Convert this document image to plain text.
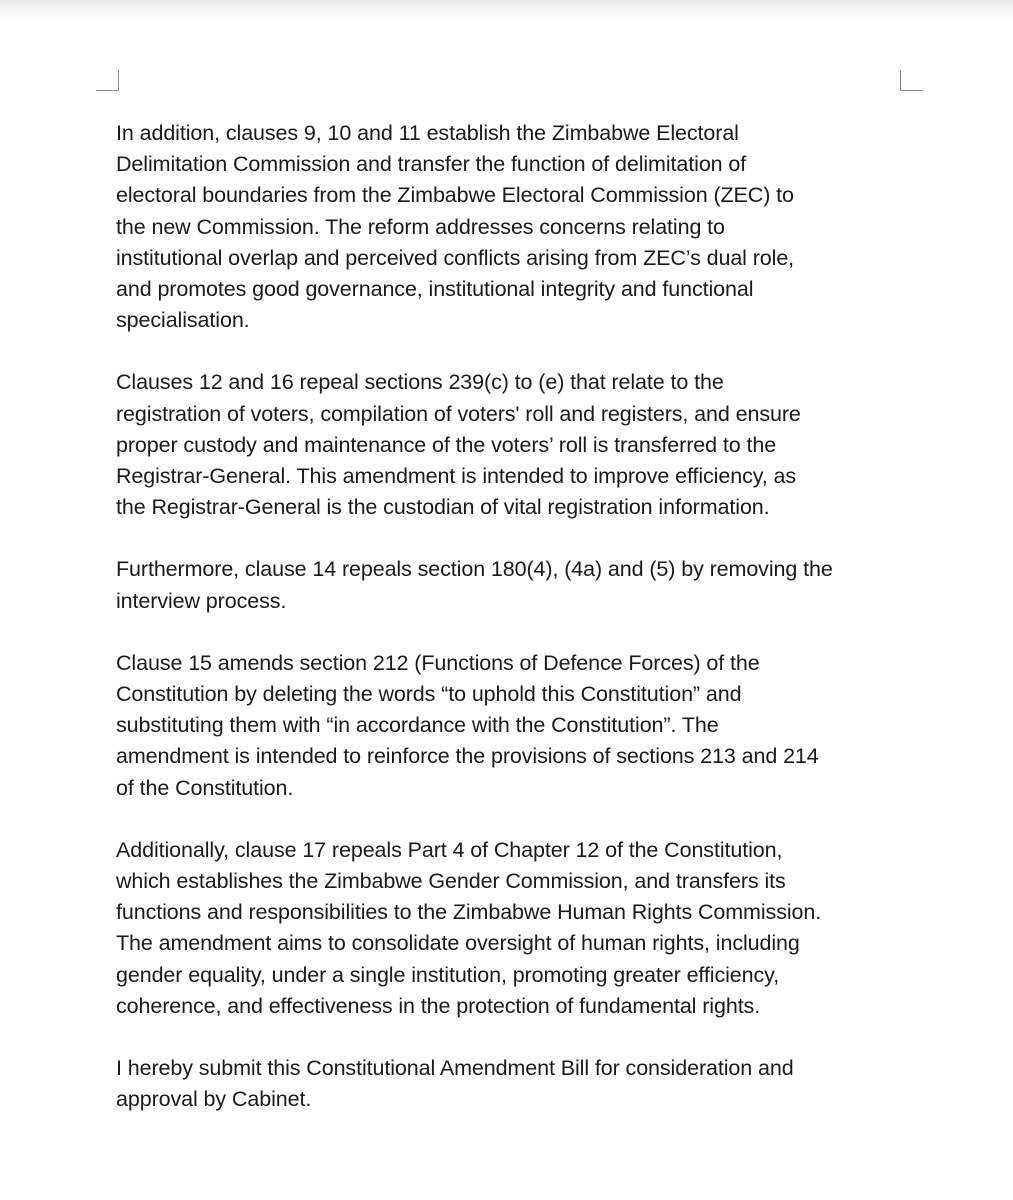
In addition, clauses 9, 10 and 11 establish the Zimbabwe Electoral
Delimitation Commission and transfer the function of delimitation of
electoral boundaries from the Zimbabwe Electoral Commission (ZEC) to
the new Commission. The reform addresses concerns relating to
institutional overlap and perceived conflicts arising from ZEC’s dual role,
and promotes good governance, institutional integrity and functional
specialisation.

Clauses 12 and 16 repeal sections 239(c) to (e) that relate to the
registration of voters, compilation of voters' roll and registers, and ensure
proper custody and maintenance of the voters’ roll is transferred to the
Registrar-General. This amendment is intended to improve efficiency, as
the Registrar-General is the custodian of vital registration information.

Furthermore, clause 14 repeals section 180(4), (4a) and (5) by removing the
interview process.

Clause 15 amends section 212 (Functions of Defence Forces) of the
Constitution by deleting the words “to uphold this Constitution” and
substituting them with “in accordance with the Constitution”. The
amendment is intended to reinforce the provisions of sections 213 and 214
of the Constitution.

Additionally, clause 17 repeals Part 4 of Chapter 12 of the Constitution,
which establishes the Zimbabwe Gender Commission, and transfers its
functions and responsibilities to the Zimbabwe Human Rights Commission.
The amendment aims to consolidate oversight of human rights, including
gender equality, under a single institution, promoting greater efficiency,
coherence, and effectiveness in the protection of fundamental rights.

I hereby submit this Constitutional Amendment Bill for consideration and
approval by Cabinet.
